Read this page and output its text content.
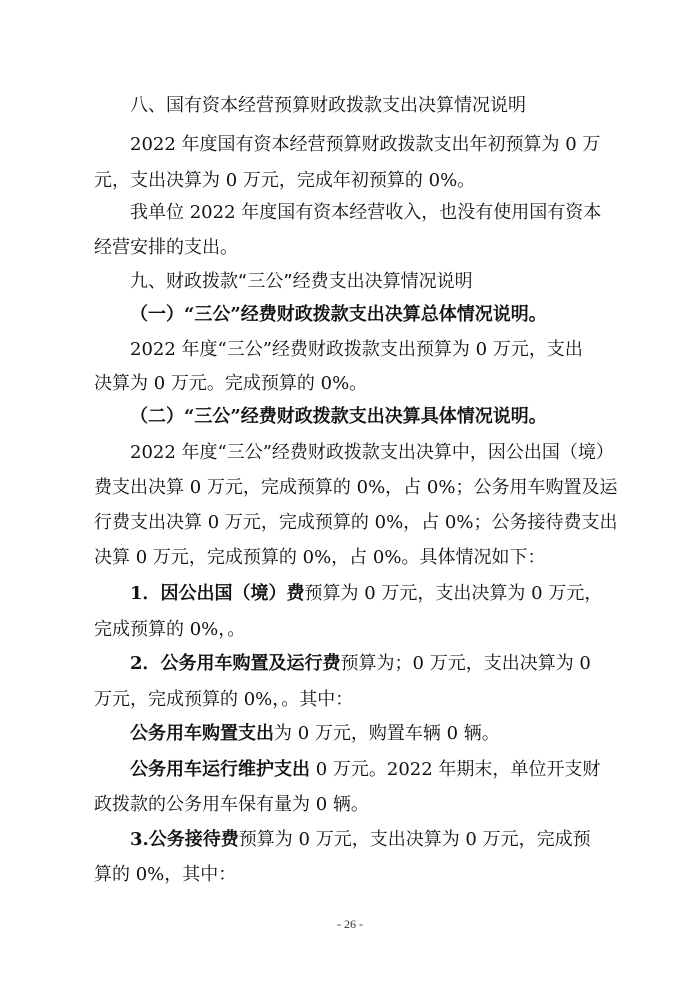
八、国有资本经营预算财政拨款支出决算情况说明
2022 年度国有资本经营预算财政拨款支出年初预算为 0 万
元，支出决算为 0 万元，完成年初预算的 0%。
我单位 2022 年度国有资本经营收入，也没有使用国有资本
经营安排的支出。
九、财政拨款“三公”经费支出决算情况说明
（一）“三公”经费财政拨款支出决算总体情况说明。
2022 年度“三公”经费财政拨款支出预算为 0 万元，支出
决算为 0 万元。完成预算的 0%。
（二）“三公”经费财政拨款支出决算具体情况说明。
2022 年度“三公”经费财政拨款支出决算中，因公出国（境）
费支出决算 0 万元，完成预算的 0%，占 0%；公务用车购置及运
行费支出决算 0 万元，完成预算的 0%，占 0%；公务接待费支出
决算 0 万元，完成预算的 0%，占 0%。具体情况如下：
1．因公出国（境）费预算为 0 万元，支出决算为 0 万元，
完成预算的 0%，。
2．公务用车购置及运行费预算为；0 万元，支出决算为 0
万元，完成预算的 0%，。其中：
公务用车购置支出为 0 万元，购置车辆 0 辆。
公务用车运行维护支出 0 万元。2022 年期末，单位开支财
政拨款的公务用车保有量为 0 辆。
3.公务接待费预算为 0 万元，支出决算为 0 万元，完成预
算的 0%，其中：
- 26 -
